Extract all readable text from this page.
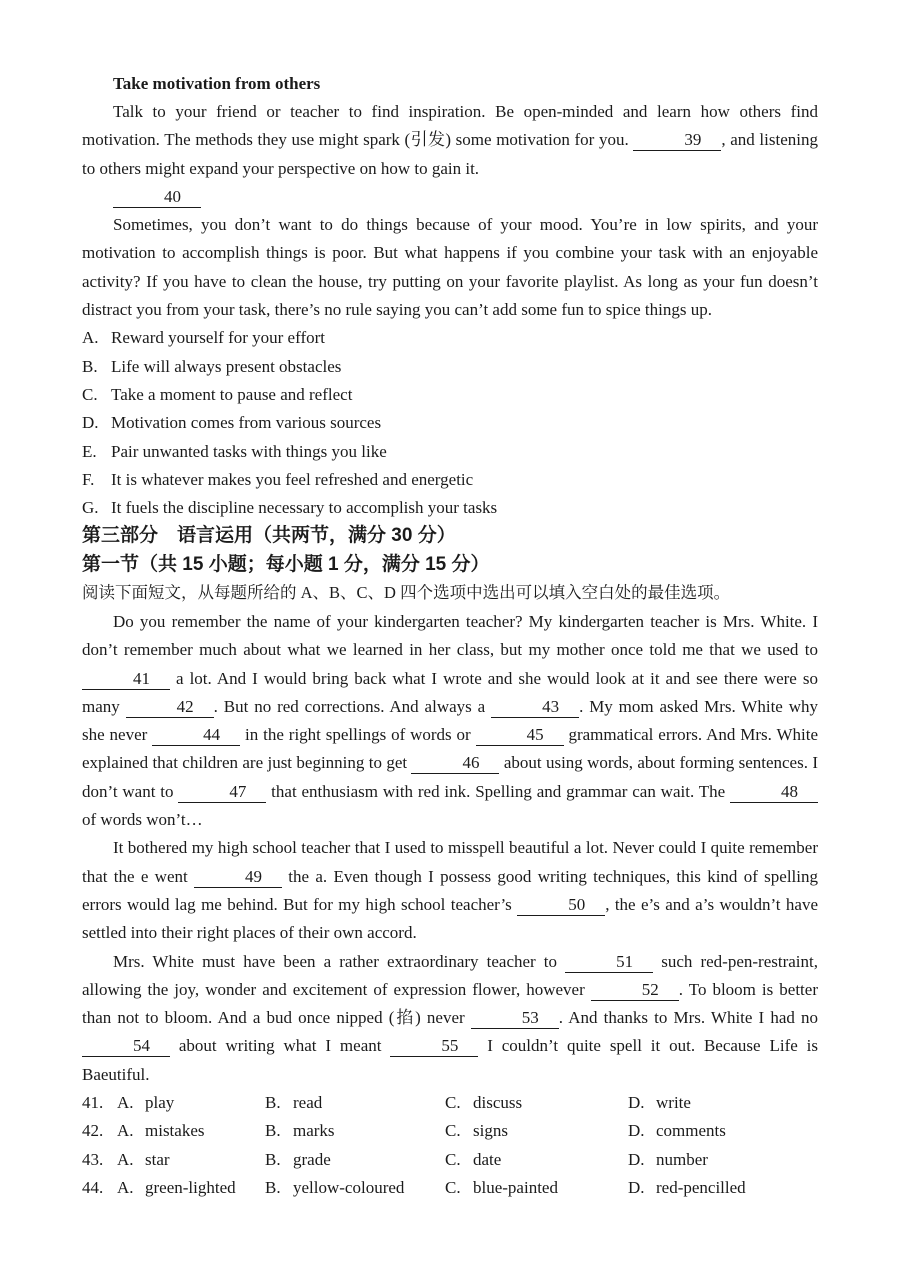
Take motivation from others

Talk to your friend or teacher to find inspiration. Be open-minded and learn how others find motivation. The methods they use might spark (引发) some motivation for you.	39 , and listening to others might expand your perspective on how to gain it.

40

Sometimes, you don’t want to do things because of your mood. You’re in low spirits, and your motivation to accomplish things is poor. But what happens if you combine your task with an enjoyable activity? If you have to clean the house, try putting on your favorite playlist. As long as your fun doesn’t distract you from your task, there’s no rule saying you can’t add some fun to spice things up.

A. Reward yourself for your effort
B. Life will always present obstacles
C. Take a moment to pause and reflect
D. Motivation comes from various sources
E. Pair unwanted tasks with things you like
F. It is whatever makes you feel refreshed and energetic
G. It fuels the discipline necessary to accomplish your tasks

第三部分　语言运用（共两节，满分 30 分）

第一节（共 15 小题；每小题 1 分，满分 15 分）

阅读下面短文，从每题所给的 A、B、C、D 四个选项中选出可以填入空白处的最佳选项。

Do you remember the name of your kindergarten teacher? My kindergarten teacher is Mrs. White. I don’t remember much about what we learned in her class, but my mother once told me that we used to 41 a lot. And I would bring back what I wrote and she would look at it and see there were so many	42 . But no red corrections. And always a	43 . My mom asked Mrs. White why she never	44 in the right spellings of words or	45 grammatical errors. And Mrs. White explained that children are just beginning to get	46 about using words, about forming sentences. I don’t want to	47 that enthusiasm with red ink. Spelling and grammar can wait. The	48 of words won’t…

It bothered my high school teacher that I used to misspell beautiful a lot. Never could I quite remember that the e went	49 the a. Even though I possess good writing techniques, this kind of spelling errors would lag me behind. But for my high school teacher’s	50 , the e’s and a’s wouldn’t have settled into their right places of their own accord.

Mrs. White must have been a rather extraordinary teacher to	51 such red-pen-restraint, allowing the joy, wonder and excitement of expression flower, however	52 . To bloom is better than not to bloom. And a bud once nipped (掐) never	53 . And thanks to Mrs. White I had no 54 about writing what I meant	55 I couldn’t quite spell it out. Because Life is Baeutiful.

41. A. play	B. read	C. discuss	D. write
42. A. mistakes	B. marks	C. signs	D. comments
43. A. star	B. grade	C. date	D. number
44. A. green-lighted	B. yellow-coloured	C. blue-painted	D. red-pencilled
